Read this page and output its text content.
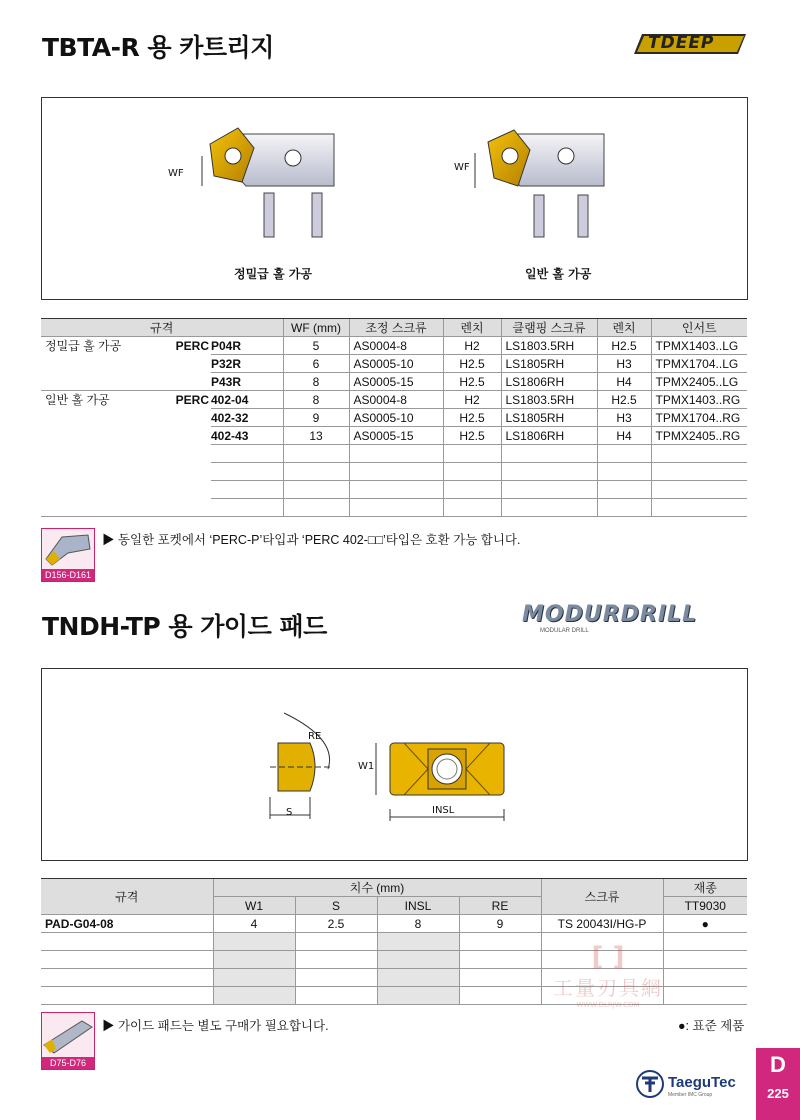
TBTA-R 용 카트리지	TDEEP
WF
WF
정밀급 홀 가공	일반 홀 가공
규격			WF (mm)	조정 스크류	렌치	클램핑 스크류	렌치	인서트
정밀급 홀 가공	PERC	P04R	5	AS0004-8	H2	LS1803.5RH	H2.5	TPMX1403..LG
		P32R	6	AS0005-10	H2.5	LS1805RH	H3	TPMX1704..LG
		P43R	8	AS0005-15	H2.5	LS1806RH	H4	TPMX2405..LG
일반 홀 가공	PERC	402-04	8	AS0004-8	H2	LS1803.5RH	H2.5	TPMX1403..RG
		402-32	9	AS0005-10	H2.5	LS1805RH	H3	TPMX1704..RG
		402-43	13	AS0005-15	H2.5	LS1806RH	H4	TPMX2405..RG

D156-D161
▶ 동일한 포켓에서 ‘PERC-P’타입과 ‘PERC 402-□□’타입은 호환 가능 합니다.
TNDH-TP 용 가이드 패드	MODURDRILL
MODULAR DRILL
RE
S
W1
INSL
규격	치수 (mm)				스크류	재종
	W1	S	INSL	RE		TT9030
PAD-G04-08	4	2.5	8	9	TS 20043I/HG-P	●

[ ]
工量刃具網
WWW.DLRJW.COM
D75-D76
▶ 가이드 패드는 별도 구매가 필요합니다.	●: 표준 제품
TaeguTec
Member IMC Group
D
225
